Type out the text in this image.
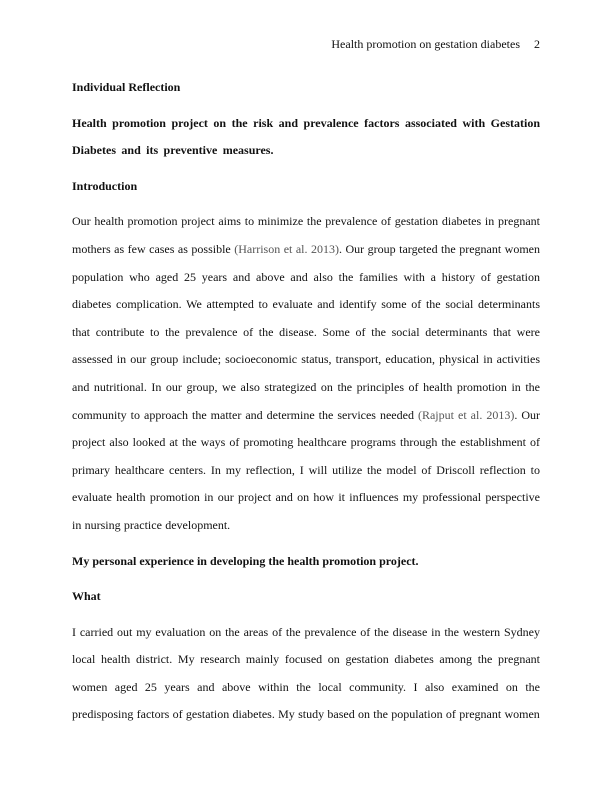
Health promotion on gestation diabetes 2

Individual Reflection

Health promotion project on the risk and prevalence factors associated with Gestation Diabetes and its preventive measures.

Introduction

Our health promotion project aims to minimize the prevalence of gestation diabetes in pregnant mothers as few cases as possible (Harrison et al. 2013). Our group targeted the pregnant women population who aged 25 years and above and also the families with a history of gestation diabetes complication. We attempted to evaluate and identify some of the social determinants that contribute to the prevalence of the disease. Some of the social determinants that were assessed in our group include; socioeconomic status, transport, education, physical in activities and nutritional. In our group, we also strategized on the principles of health promotion in the community to approach the matter and determine the services needed (Rajput et al. 2013). Our project also looked at the ways of promoting healthcare programs through the establishment of primary healthcare centers. In my reflection, I will utilize the model of Driscoll reflection to evaluate health promotion in our project and on how it influences my professional perspective in nursing practice development.

My personal experience in developing the health promotion project.

What

I carried out my evaluation on the areas of the prevalence of the disease in the western Sydney local health district. My research mainly focused on gestation diabetes among the pregnant women aged 25 years and above within the local community. I also examined on the predisposing factors of gestation diabetes. My study based on the population of pregnant women
